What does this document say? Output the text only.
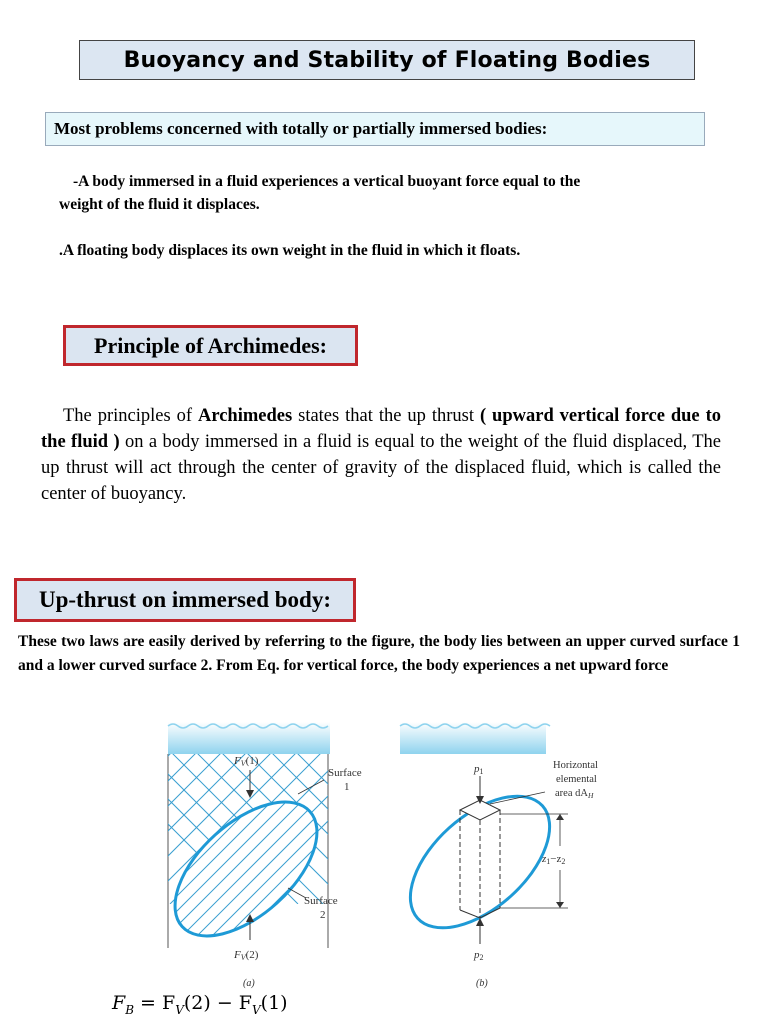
Buoyancy and Stability of Floating Bodies
Most problems concerned with totally or partially immersed bodies:
-A body immersed in a fluid experiences a vertical buoyant force equal to the
weight of the fluid it displaces.
.A floating body displaces its own weight in the fluid in which it floats.
Principle of Archimedes:
The principles of Archimedes states that the up thrust ( upward vertical force due to the fluid ) on a body immersed in a fluid is equal to the weight of the fluid displaced, The up thrust will act through the center of gravity of the displaced fluid, which is called the center of buoyancy.
Up-thrust on immersed body:
These two laws are easily derived by referring to the figure, the body lies between an upper curved surface 1 and a lower curved surface 2. From Eq. for vertical force, the body experiences a net upward force
FV(1)
Surface
1
Surface
2
FV(2)
(a)
p1
p2
Horizontal
elemental
area dAH
z1−z2
(b)
$F_B = F_V(2) - F_V(1)$
